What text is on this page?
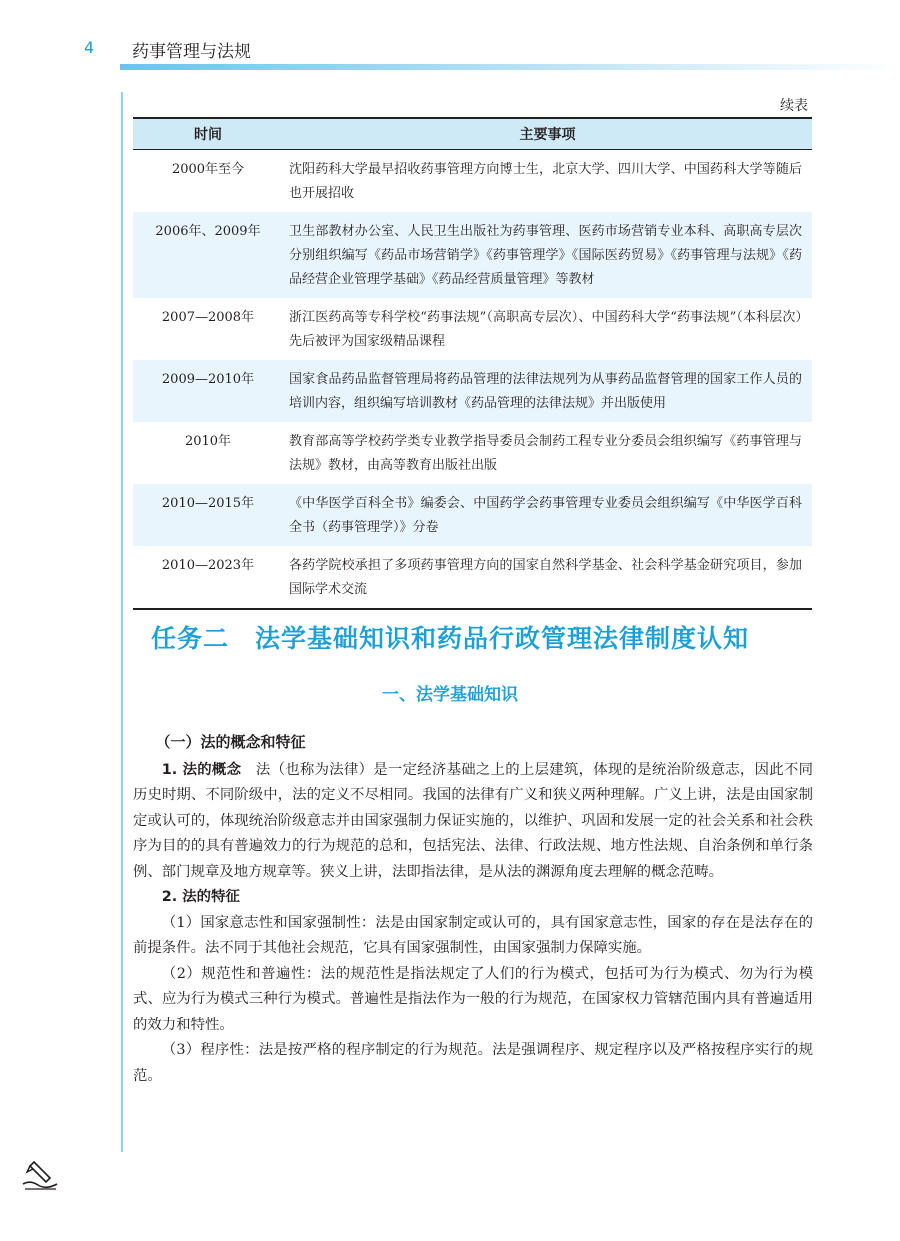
4 药事管理与法规
续表
时间	主要事项
2000年至今	沈阳药科大学最早招收药事管理方向博士生，北京大学、四川大学、中国药科大学等随后也开展招收
2006年、2009年	卫生部教材办公室、人民卫生出版社为药事管理、医药市场营销专业本科、高职高专层次分别组织编写《药品市场营销学》《药事管理学》《国际医药贸易》《药事管理与法规》《药品经营企业管理学基础》《药品经营质量管理》等教材
2007—2008年	浙江医药高等专科学校“药事法规”（高职高专层次）、中国药科大学“药事法规”（本科层次）先后被评为国家级精品课程
2009—2010年	国家食品药品监督管理局将药品管理的法律法规列为从事药品监督管理的国家工作人员的培训内容，组织编写培训教材《药品管理的法律法规》并出版使用
2010年	教育部高等学校药学类专业教学指导委员会制药工程专业分委员会组织编写《药事管理与法规》教材，由高等教育出版社出版
2010—2015年	《中华医学百科全书》编委会、中国药学会药事管理专业委员会组织编写《中华医学百科全书（药事管理学）》分卷
2010—2023年	各药学院校承担了多项药事管理方向的国家自然科学基金、社会科学基金研究项目，参加国际学术交流
任务二　法学基础知识和药品行政管理法律制度认知
一、法学基础知识
（一）法的概念和特征

1. 法的概念　法（也称为法律）是一定经济基础之上的上层建筑，体现的是统治阶级意志，因此不同历史时期、不同阶级中，法的定义不尽相同。我国的法律有广义和狭义两种理解。广义上讲，法是由国家制定或认可的，体现统治阶级意志并由国家强制力保证实施的，以维护、巩固和发展一定的社会关系和社会秩序为目的的具有普遍效力的行为规范的总和，包括宪法、法律、行政法规、地方性法规、自治条例和单行条例、部门规章及地方规章等。狭义上讲，法即指法律，是从法的渊源角度去理解的概念范畴。

2. 法的特征

（1）国家意志性和国家强制性：法是由国家制定或认可的，具有国家意志性，国家的存在是法存在的前提条件。法不同于其他社会规范，它具有国家强制性，由国家强制力保障实施。

（2）规范性和普遍性：法的规范性是指法规定了人们的行为模式，包括可为行为模式、勿为行为模式、应为行为模式三种行为模式。普遍性是指法作为一般的行为规范，在国家权力管辖范围内具有普遍适用的效力和特性。

（3）程序性：法是按严格的程序制定的行为规范。法是强调程序、规定程序以及严格按程序实行的规范。
